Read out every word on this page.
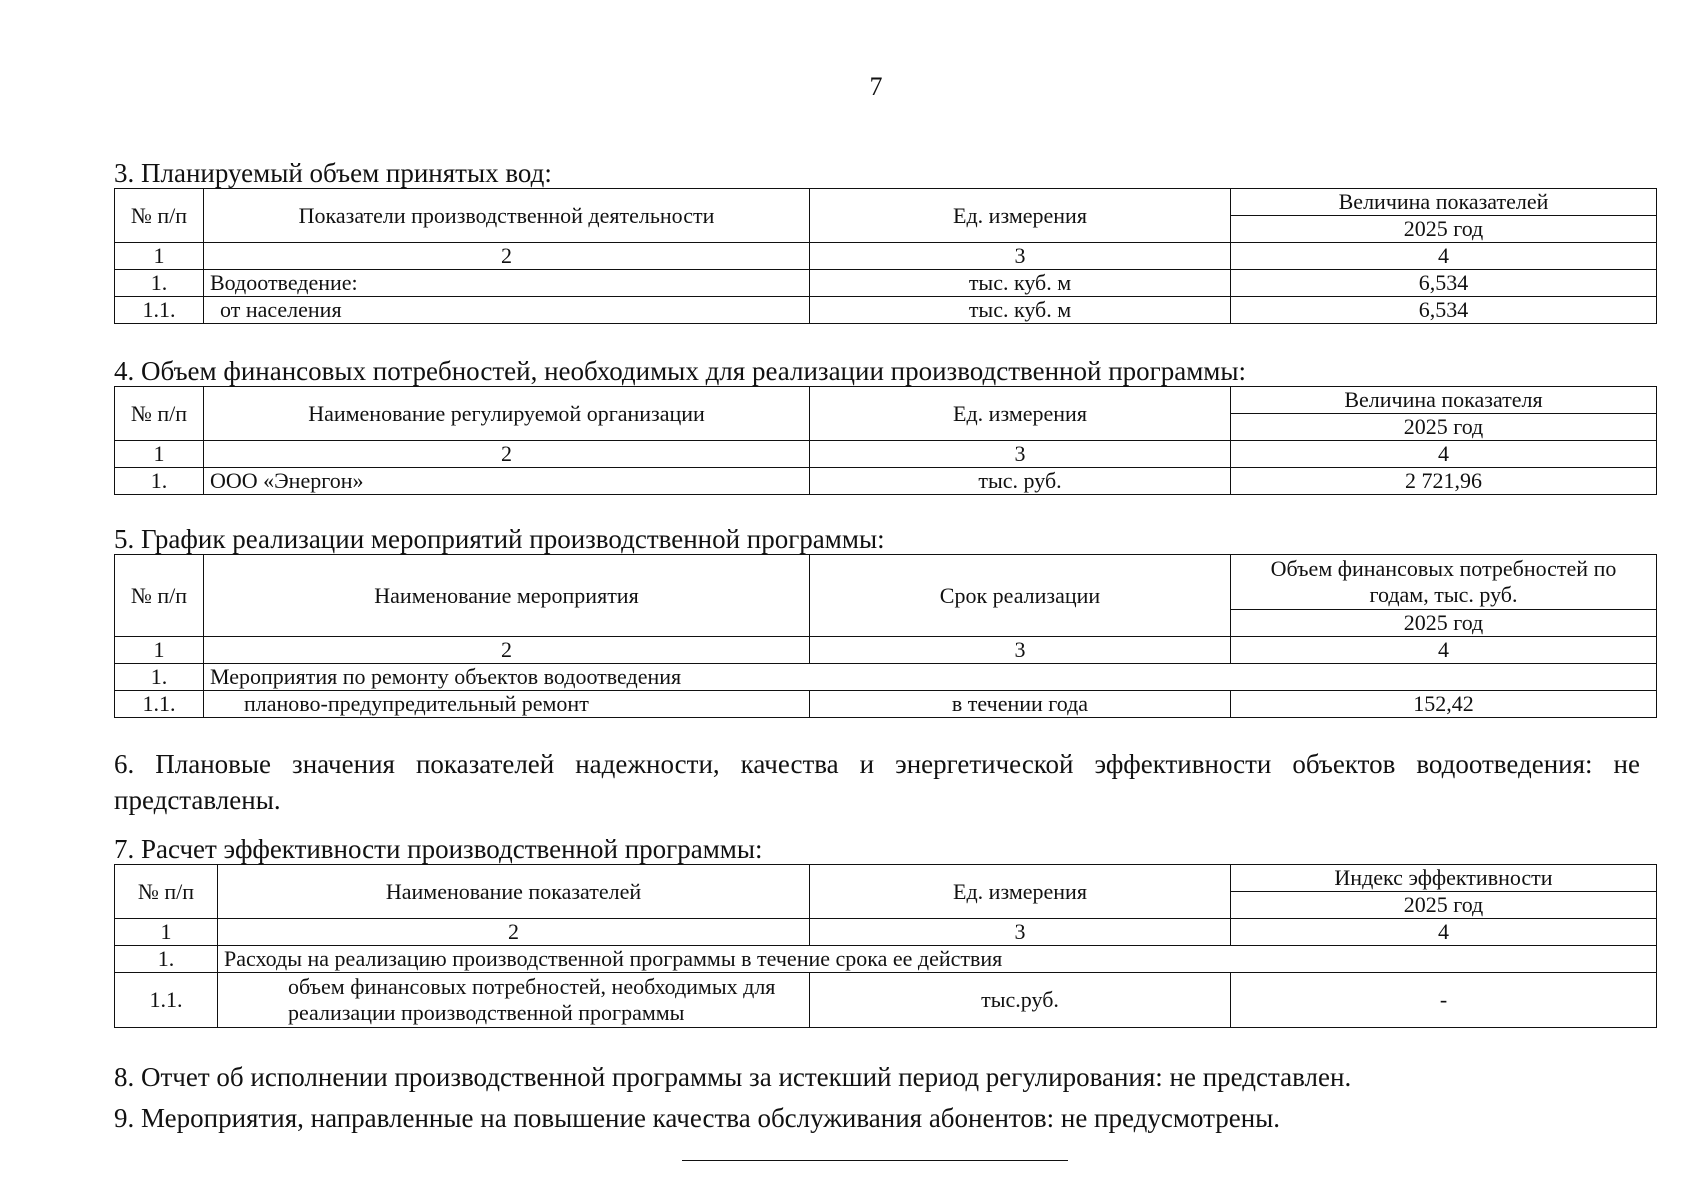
7
3. Планируемый объем принятых вод:
№ п/п	Показатели производственной деятельности	Ед. измерения	Величина показателей
			2025 год
1	2	3	4
1.	Водоотведение:	тыс. куб. м	6,534
1.1.	от населения	тыс. куб. м	6,534
4. Объем финансовых потребностей, необходимых для реализации производственной программы:
№ п/п	Наименование регулируемой организации	Ед. измерения	Величина показателя
			2025 год
1	2	3	4
1.	ООО «Энергон»	тыс. руб.	2 721,96
5. График реализации мероприятий производственной программы:
№ п/п	Наименование мероприятия	Срок реализации	Объем финансовых потребностей по годам, тыс. руб.
			2025 год
1	2	3	4
1.	Мероприятия по ремонту объектов водоотведения		
1.1.	планово-предупредительный ремонт	в течении года	152,42
6. Плановые значения показателей надежности, качества и энергетической эффективности объектов водоотведения: не представлены.
7. Расчет эффективности производственной программы:
№ п/п	Наименование показателей	Ед. измерения	Индекс эффективности
			2025 год
1	2	3	4
1.	Расходы на реализацию производственной программы в течение срока ее действия		
1.1.	объем финансовых потребностей, необходимых для реализации производственной программы	тыс.руб.	-
8. Отчет об исполнении производственной программы за истекший период регулирования: не представлен.
9. Мероприятия, направленные на повышение качества обслуживания абонентов: не предусмотрены.
